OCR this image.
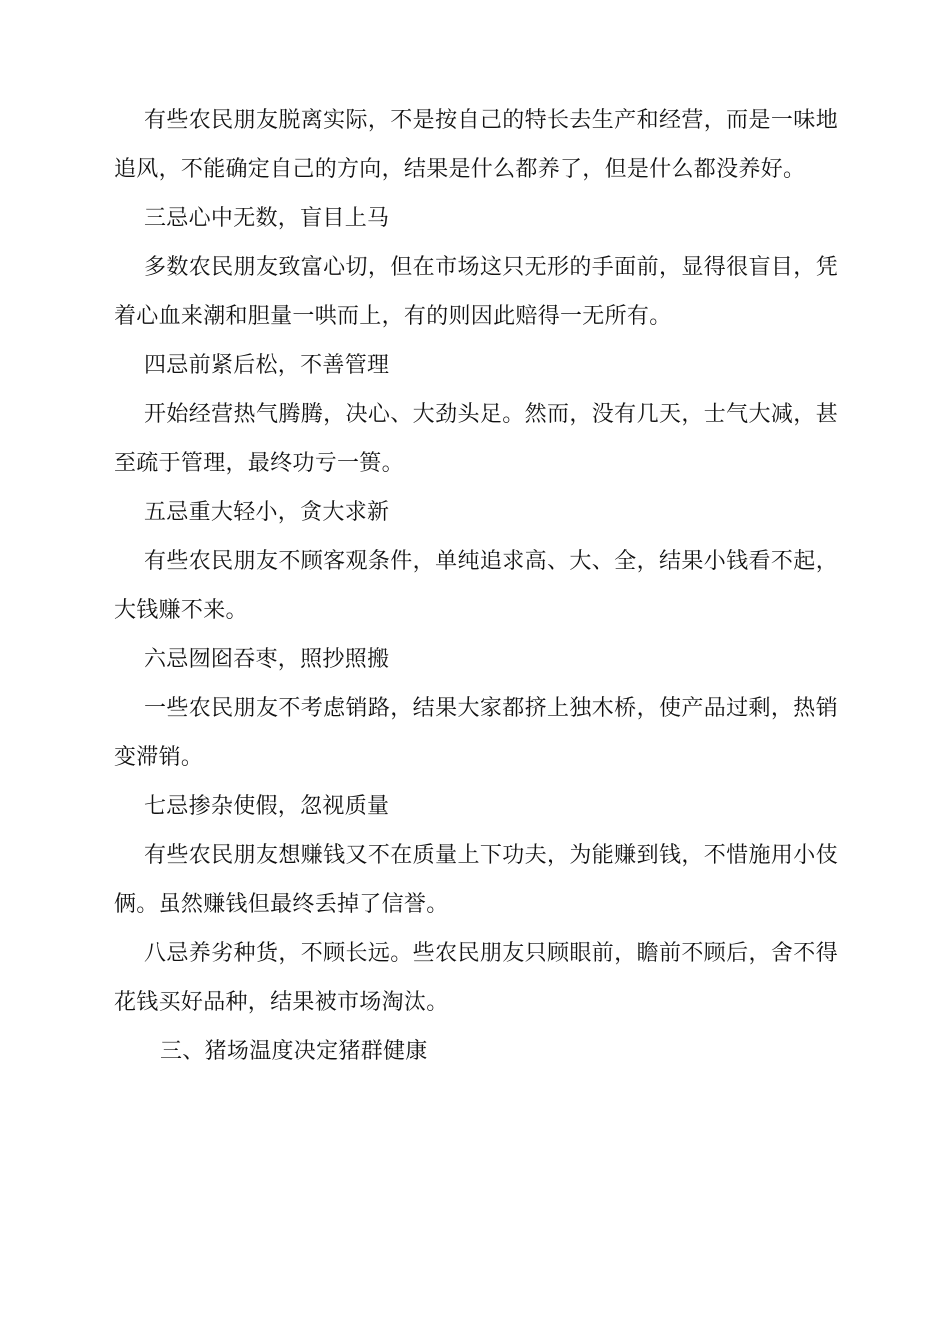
有些农民朋友脱离实际，不是按自己的特长去生产和经营，而是一味地追风，不能确定自己的方向，结果是什么都养了，但是什么都没养好。

三忌心中无数，盲目上马

多数农民朋友致富心切，但在市场这只无形的手面前，显得很盲目，凭着心血来潮和胆量一哄而上，有的则因此赔得一无所有。

四忌前紧后松，不善管理

开始经营热气腾腾，决心、大劲头足。然而，没有几天，士气大减，甚至疏于管理，最终功亏一篑。

五忌重大轻小，贪大求新

有些农民朋友不顾客观条件，单纯追求高、大、全，结果小钱看不起，大钱赚不来。

六忌囫囵吞枣，照抄照搬

一些农民朋友不考虑销路，结果大家都挤上独木桥，使产品过剩，热销变滞销。

七忌掺杂使假，忽视质量

有些农民朋友想赚钱又不在质量上下功夫，为能赚到钱，不惜施用小伎俩。虽然赚钱但最终丢掉了信誉。

八忌养劣种货，不顾长远。些农民朋友只顾眼前，瞻前不顾后，舍不得花钱买好品种，结果被市场淘汰。

三、猪场温度决定猪群健康
